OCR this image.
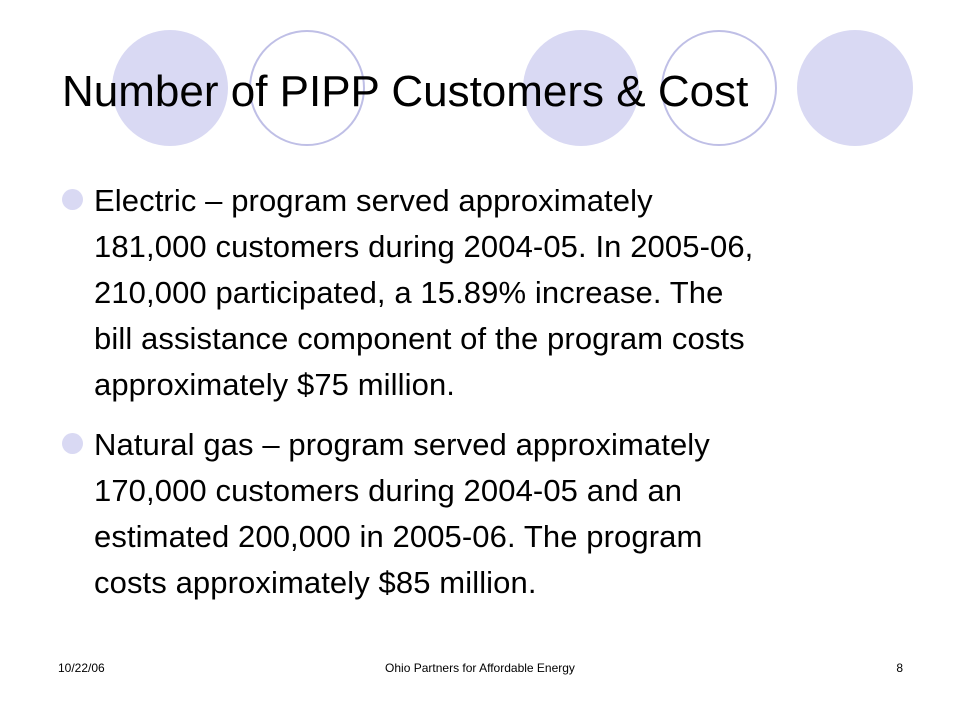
Number of PIPP Customers & Cost
Electric – program served approximately
181,000 customers during 2004-05. In 2005-06,
210,000 participated, a 15.89% increase. The
bill assistance component of the program costs
approximately $75 million.
Natural gas – program served approximately
170,000 customers during 2004-05 and an
estimated 200,000 in 2005-06. The program
costs approximately $85 million.
10/22/06	Ohio Partners for Affordable Energy	8
